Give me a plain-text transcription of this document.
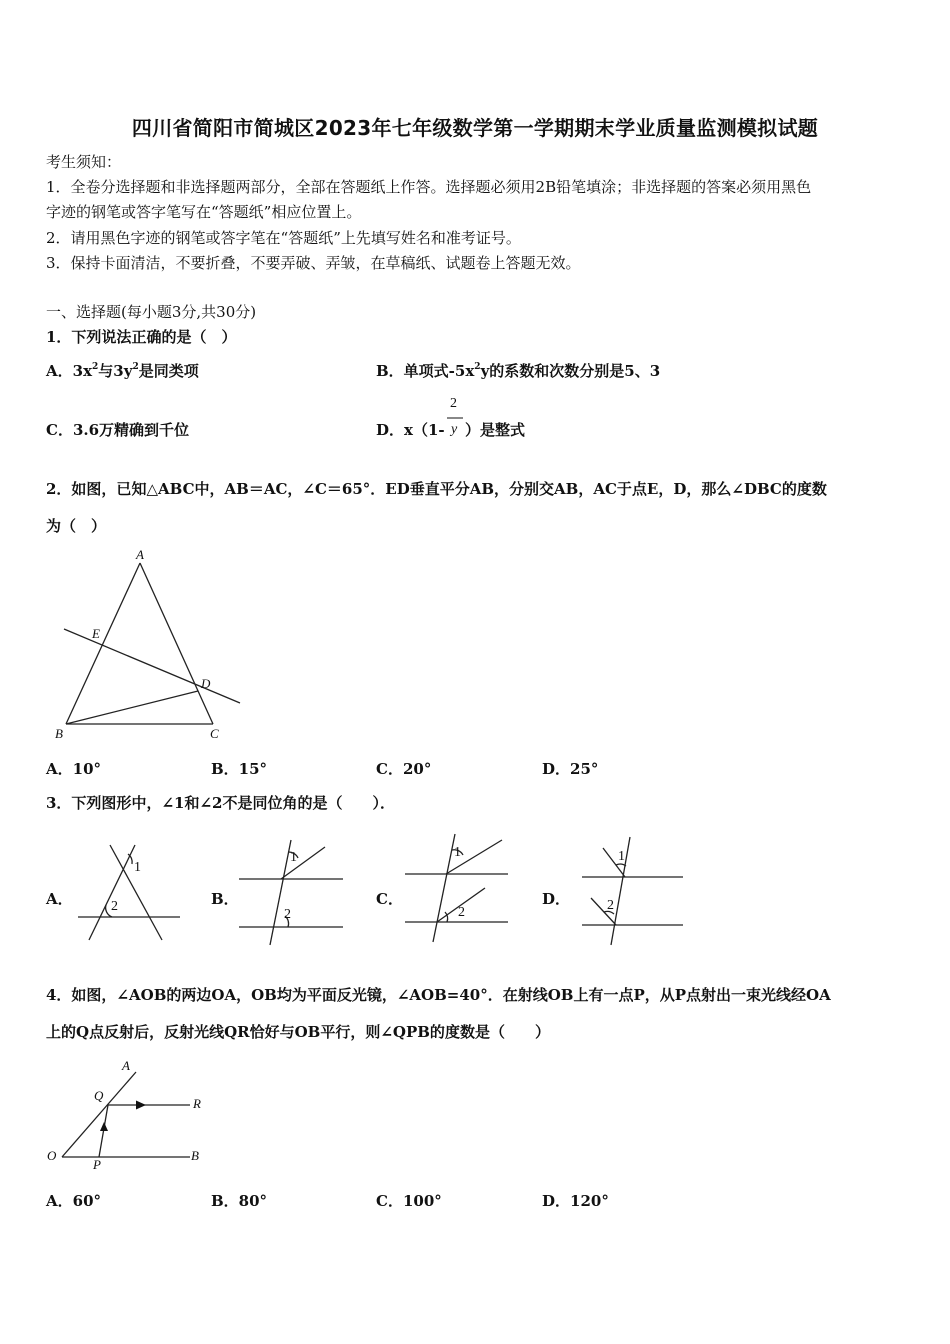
四川省简阳市简城区2023年七年级数学第一学期期末学业质量监测模拟试题
考生须知：
1．全卷分选择题和非选择题两部分，全部在答题纸上作答。选择题必须用2B铅笔填涂；非选择题的答案必须用黑色
字迹的钢笔或答字笔写在“答题纸”相应位置上。
2．请用黑色字迹的钢笔或答字笔在“答题纸”上先填写姓名和准考证号。
3．保持卡面清洁，不要折叠，不要弄破、弄皱，在草稿纸、试题卷上答题无效。
一、选择题(每小题3分,共30分)
1．下列说法正确的是（　）
A．$3x^2$与$3y^2$是同类项	B．单项式$-5x^2y$的系数和次数分别是5、3
C．3.6万精确到千位	D．x（1-
2
y ）是整式
2．如图，已知△ABC中，AB＝AC，∠C＝65°．ED垂直平分AB，分别交AB，AC于点E，D，那么∠DBC的度数
为（　）
A
E
D
B	C
A．10°	B．15°	C．20°	D．25°
3．下列图形中，∠1和∠2不是同位角的是（　　）．
1
2
1
2
1
2
1
2
A．	B．	C．	D．
4．如图，∠AOB的两边OA，OB均为平面反光镜，∠AOB=40°．在射线OB上有一点P，从P点射出一束光线经OA
上的Q点反射后，反射光线QR恰好与OB平行，则∠QPB的度数是（　　）
A
Q
R
O
P
B
A．60°	B．80°	C．100°	D．120°
